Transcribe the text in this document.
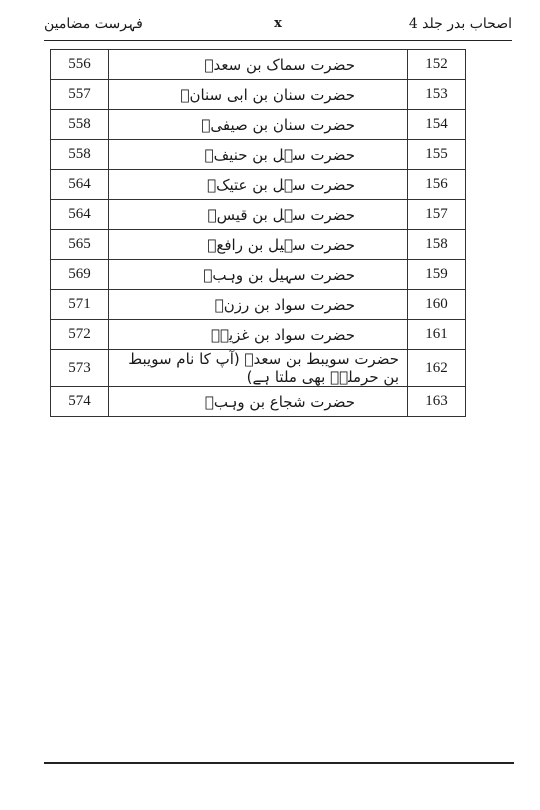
فہرست مضامین	x	اصحاب بدر جلد 4
556	حضرت سماک بن سعدؓ	152
557	حضرت سنان بن ابی سنانؓ	153
558	حضرت سنان بن صیفیؓ	154
558	حضرت سہل بن حنیفؓ	155
564	حضرت سہل بن عتیکؓ	156
564	حضرت سہل بن قیسؓ	157
565	حضرت سہیل بن رافعؓ	158
569	حضرت سہیل بن وہبؓ	159
571	حضرت سواد بن رزنؓ	160
572	حضرت سواد بن غزیہؓ	161
573	حضرت سویبط بن سعدؓ (آپ کا نام سویبط بن حرملہؓ بھی ملتا ہے)	162
574	حضرت شجاع بن وہبؓ	163
